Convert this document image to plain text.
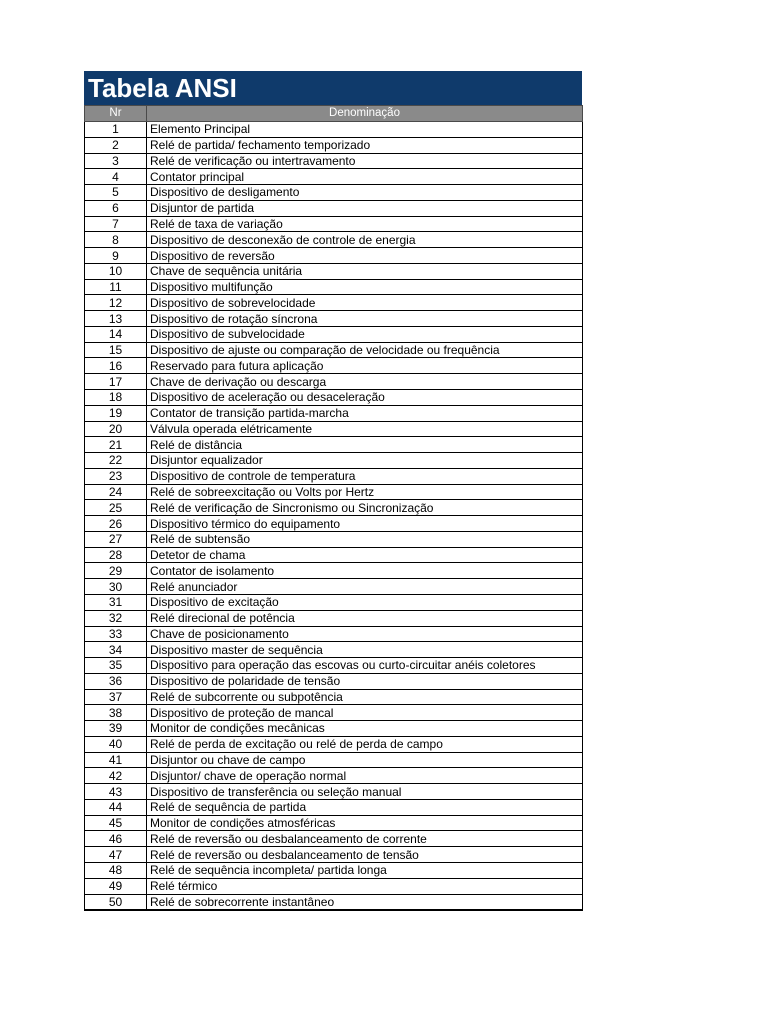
Tabela ANSI
Nr	Denominação
1	Elemento Principal
2	Relé de partida/ fechamento temporizado
3	Relé de verificação ou intertravamento
4	Contator principal
5	Dispositivo de desligamento
6	Disjuntor de partida
7	Relé de taxa de variação
8	Dispositivo de desconexão de controle de energia
9	Dispositivo de reversão
10	Chave de sequência unitária
11	Dispositivo multifunção
12	Dispositivo de sobrevelocidade
13	Dispositivo de rotação síncrona
14	Dispositivo de subvelocidade
15	Dispositivo de ajuste ou comparação de velocidade ou frequência
16	Reservado para futura aplicação
17	Chave de derivação ou descarga
18	Dispositivo de aceleração ou desaceleração
19	Contator de transição partida-marcha
20	Válvula operada elétricamente
21	Relé de distância
22	Disjuntor equalizador
23	Dispositivo de controle de temperatura
24	Relé de sobreexcitação ou Volts por Hertz
25	Relé de verificação de Sincronismo ou Sincronização
26	Dispositivo térmico do equipamento
27	Relé de subtensão
28	Detetor de chama
29	Contator de isolamento
30	Relé anunciador
31	Dispositivo de excitação
32	Relé direcional de potência
33	Chave de posicionamento
34	Dispositivo master de sequência
35	Dispositivo para operação das escovas ou curto-circuitar anéis coletores
36	Dispositivo de polaridade de tensão
37	Relé de subcorrente ou subpotência
38	Dispositivo de proteção de mancal
39	Monitor de condições mecânicas
40	Relé de perda de excitação ou relé de perda de campo
41	Disjuntor ou chave de campo
42	Disjuntor/ chave de operação normal
43	Dispositivo de transferência ou seleção manual
44	Relé de sequência de partida
45	Monitor de condições atmosféricas
46	Relé de reversão ou desbalanceamento de corrente
47	Relé de reversão ou desbalanceamento de tensão
48	Relé de sequência incompleta/ partida longa
49	Relé térmico
50	Relé de sobrecorrente instantâneo
